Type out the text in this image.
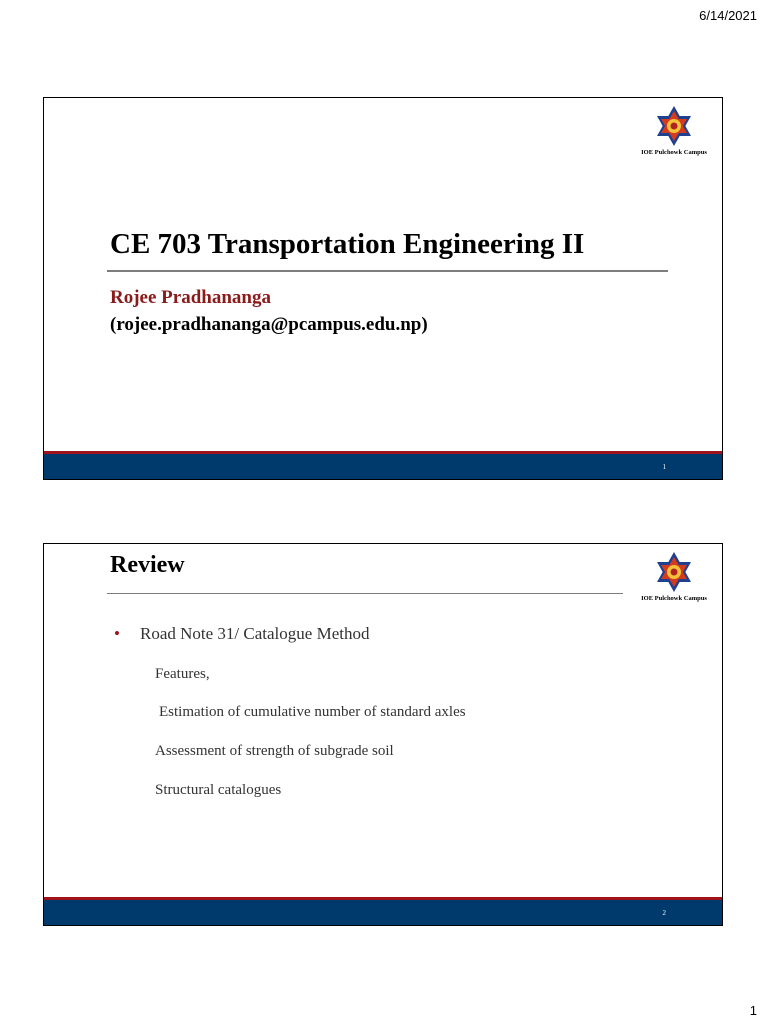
6/14/2021
IOE Pulchowk Campus
CE 703 Transportation Engineering II
Rojee Pradhananga
(rojee.pradhananga@pcampus.edu.np)
1
IOE Pulchowk Campus
Review
• Road Note 31/ Catalogue Method
Features,
Estimation of cumulative number of standard axles
Assessment of strength of subgrade soil
Structural catalogues
2
1
